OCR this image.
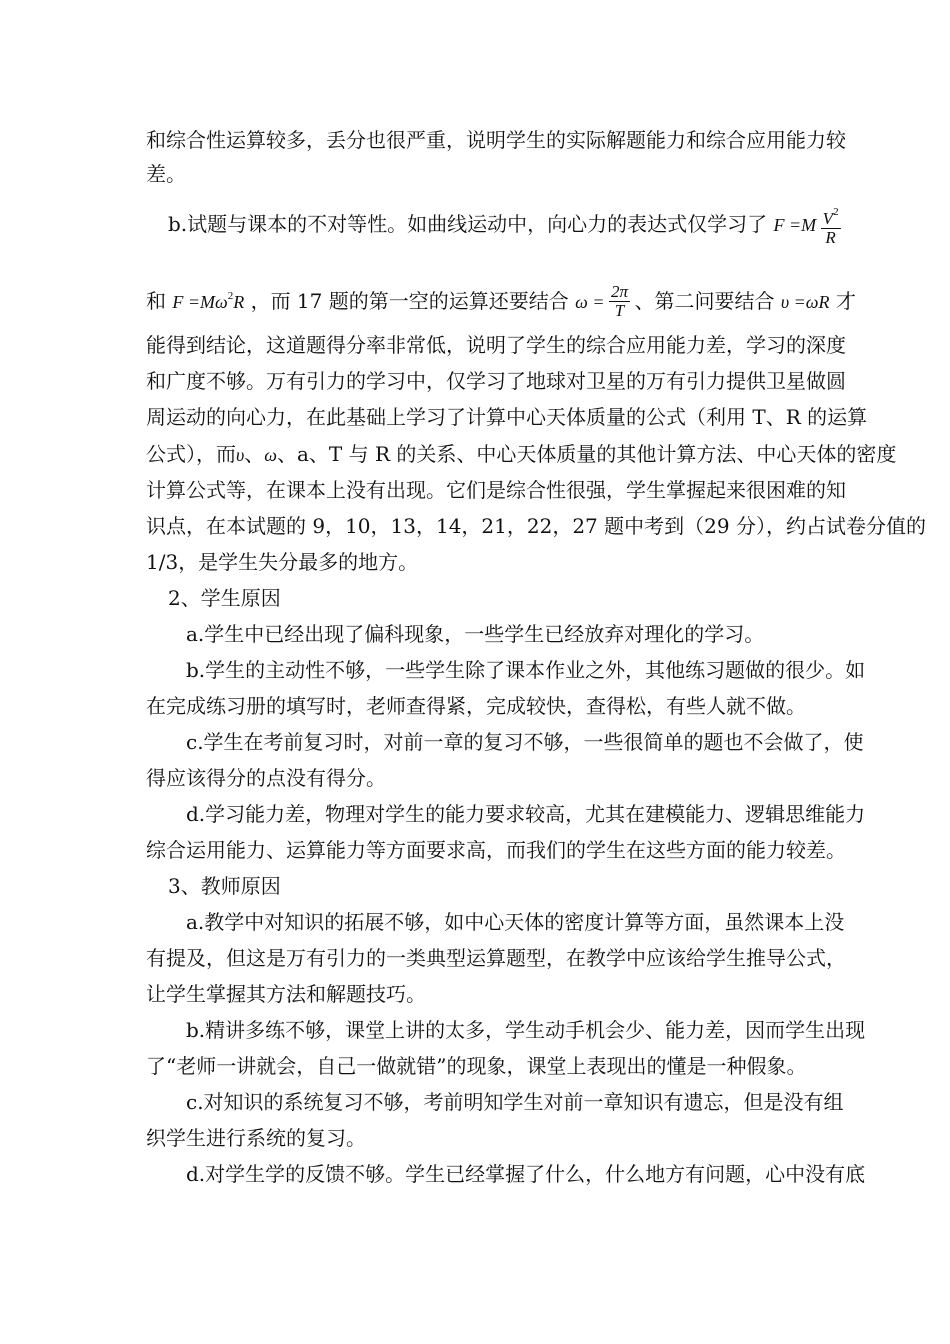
和综合性运算较多，丢分也很严重，说明学生的实际解题能力和综合应用能力较
差。
b.试题与课本的不对等性。如曲线运动中，向心力的表达式仅学习了 $F =M \frac{V^2}{R}$
和 $F =M\omega^2R$ ，而 17 题的第一空的运算还要结合 $\omega = \frac{2\pi}{T}$ 、第二问要结合 υ =ωR 才
能得到结论，这道题得分率非常低，说明了学生的综合应用能力差，学习的深度
和广度不够。万有引力的学习中，仅学习了地球对卫星的万有引力提供卫星做圆
周运动的向心力，在此基础上学习了计算中心天体质量的公式（利用 T、R 的运算
公式），而υ、ω、a、T 与 R 的关系、中心天体质量的其他计算方法、中心天体的密度
计算公式等，在课本上没有出现。它们是综合性很强，学生掌握起来很困难的知
识点，在本试题的 9，10，13，14，21，22，27 题中考到（29 分），约占试卷分值的
1/3，是学生失分最多的地方。
2、学生原因
a.学生中已经出现了偏科现象，一些学生已经放弃对理化的学习。
b.学生的主动性不够，一些学生除了课本作业之外，其他练习题做的很少。如
在完成练习册的填写时，老师查得紧，完成较快，查得松，有些人就不做。
c.学生在考前复习时，对前一章的复习不够，一些很简单的题也不会做了，使
得应该得分的点没有得分。
d.学习能力差，物理对学生的能力要求较高，尤其在建模能力、逻辑思维能力
综合运用能力、运算能力等方面要求高，而我们的学生在这些方面的能力较差。
3、教师原因
a.教学中对知识的拓展不够，如中心天体的密度计算等方面，虽然课本上没
有提及，但这是万有引力的一类典型运算题型，在教学中应该给学生推导公式，
让学生掌握其方法和解题技巧。
b.精讲多练不够，课堂上讲的太多，学生动手机会少、能力差，因而学生出现
了“老师一讲就会，自己一做就错”的现象，课堂上表现出的懂是一种假象。
c.对知识的系统复习不够，考前明知学生对前一章知识有遗忘，但是没有组
织学生进行系统的复习。
d.对学生学的反馈不够。学生已经掌握了什么，什么地方有问题，心中没有底
